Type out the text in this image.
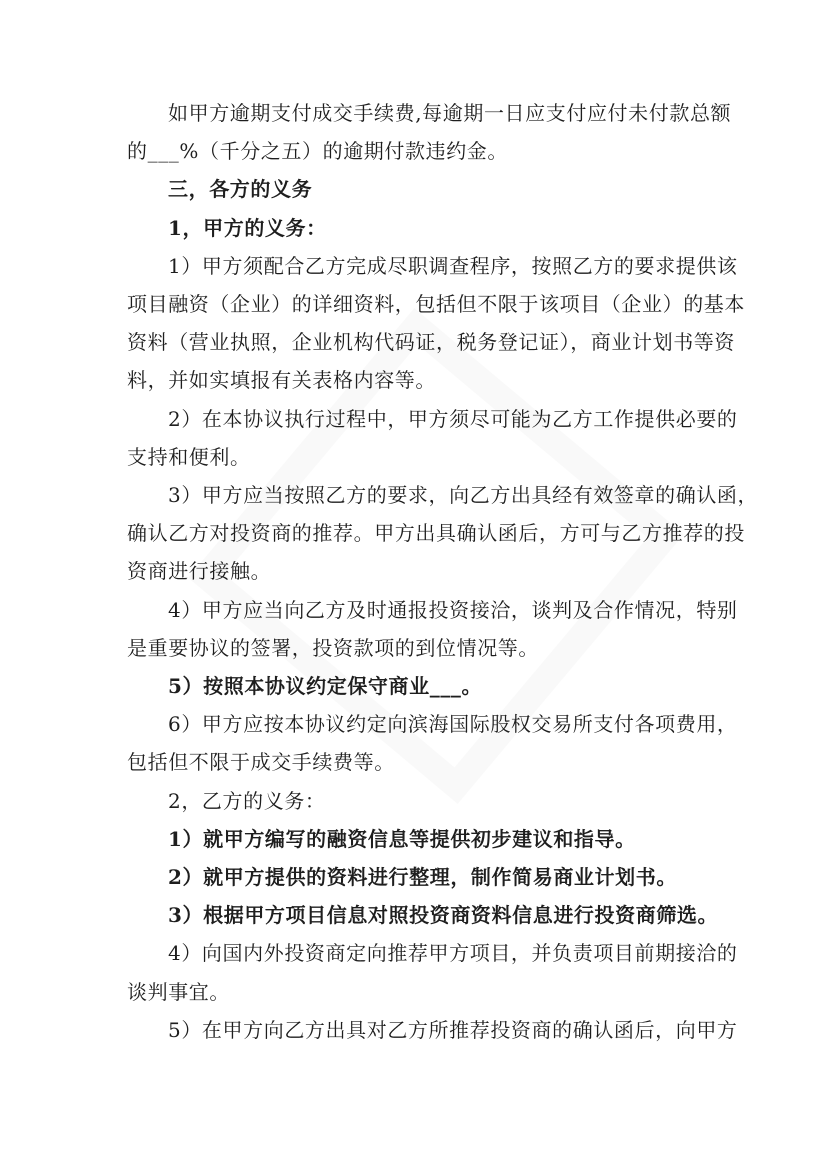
如甲方逾期支付成交手续费,每逾期一日应支付应付未付款总额
的___%（千分之五）的逾期付款违约金。
三，各方的义务
1，甲方的义务：
1）甲方须配合乙方完成尽职调查程序，按照乙方的要求提供该
项目融资（企业）的详细资料，包括但不限于该项目（企业）的基本
资料（营业执照，企业机构代码证，税务登记证），商业计划书等资
料，并如实填报有关表格内容等。
2）在本协议执行过程中，甲方须尽可能为乙方工作提供必要的
支持和便利。
3）甲方应当按照乙方的要求，向乙方出具经有效签章的确认函，
确认乙方对投资商的推荐。甲方出具确认函后，方可与乙方推荐的投
资商进行接触。
4）甲方应当向乙方及时通报投资接洽，谈判及合作情况，特别
是重要协议的签署，投资款项的到位情况等。
5）按照本协议约定保守商业___。
6）甲方应按本协议约定向滨海国际股权交易所支付各项费用，
包括但不限于成交手续费等。
2，乙方的义务：
1）就甲方编写的融资信息等提供初步建议和指导。
2）就甲方提供的资料进行整理，制作简易商业计划书。
3）根据甲方项目信息对照投资商资料信息进行投资商筛选。
4）向国内外投资商定向推荐甲方项目，并负责项目前期接洽的
谈判事宜。
5）在甲方向乙方出具对乙方所推荐投资商的确认函后，向甲方
